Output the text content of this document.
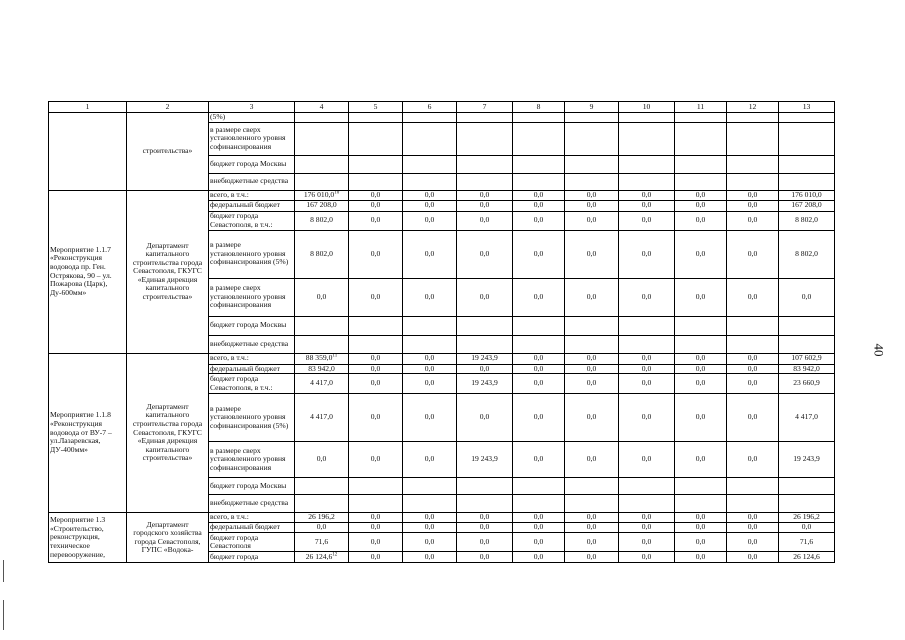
1	2	3	4	5	6	7	8	9	10	11	12	13
	строительства»	(5%)										
		в размере сверх установленного уровня софинансирования										
		бюджет города Москвы										
		внебюджетные средства										
Мероприятие 1.1.7 «Реконструкция водовода пр. Ген. Острякова, 90 – ул. Пожарова (Царк), Ду-600мм»	Департамент капитального строительства города Севастополя, ГКУГС «Единая дирекция капитального строительства»	всего, в т.ч.:	176 010,0$^{10}$	0,0	0,0	0,0	0,0	0,0	0,0	0,0	0,0	176 010,0
		федеральный бюджет	167 208,0	0,0	0,0	0,0	0,0	0,0	0,0	0,0	0,0	167 208,0
		бюджет города Севастополя, в т.ч.:	8 802,0	0,0	0,0	0,0	0,0	0,0	0,0	0,0	0,0	8 802,0
		в размере установленного уровня софинансирования (5%)	8 802,0	0,0	0,0	0,0	0,0	0,0	0,0	0,0	0,0	8 802,0
		в размере сверх установленного уровня софинансирования	0,0	0,0	0,0	0,0	0,0	0,0	0,0	0,0	0,0	0,0
		бюджет города Москвы										
		внебюджетные средства										
Мероприятие 1.1.8 «Реконструкция водовода от ВУ-7 – ул.Лазаревская, ДУ-400мм»	Департамент капитального строительства города Севастополя, ГКУГС «Единая дирекция капитального строительства»	всего, в т.ч.:	88 359,0$^{11}$	0,0	0,0	19 243,9	0,0	0,0	0,0	0,0	0,0	107 602,9
		федеральный бюджет	83 942,0	0,0	0,0	0,0	0,0	0,0	0,0	0,0	0,0	83 942,0
		бюджет города Севастополя, в т.ч.:	4 417,0	0,0	0,0	19 243,9	0,0	0,0	0,0	0,0	0,0	23 660,9
		в размере установленного уровня софинансирования (5%)	4 417,0	0,0	0,0	0,0	0,0	0,0	0,0	0,0	0,0	4 417,0
		в размере сверх установленного уровня софинансирования	0,0	0,0	0,0	19 243,9	0,0	0,0	0,0	0,0	0,0	19 243,9
		бюджет города Москвы										
		внебюджетные средства										
Мероприятие 1.3 «Строительство, реконструкция, техническое перевооружение,	Департамент городского хозяйства города Севастополя, ГУПС «Водока-	всего, в т.ч.:	26 196,2	0,0	0,0	0,0	0,0	0,0	0,0	0,0	0,0	26 196,2
		федеральный бюджет	0,0	0,0	0,0	0,0	0,0	0,0	0,0	0,0	0,0	0,0
		бюджет города Севастополя	71,6	0,0	0,0	0,0	0,0	0,0	0,0	0,0	0,0	71,6
		бюджет города	26 124,6$^{12}$	0,0	0,0	0,0	0,0	0,0	0,0	0,0	0,0	26 124,6
40
